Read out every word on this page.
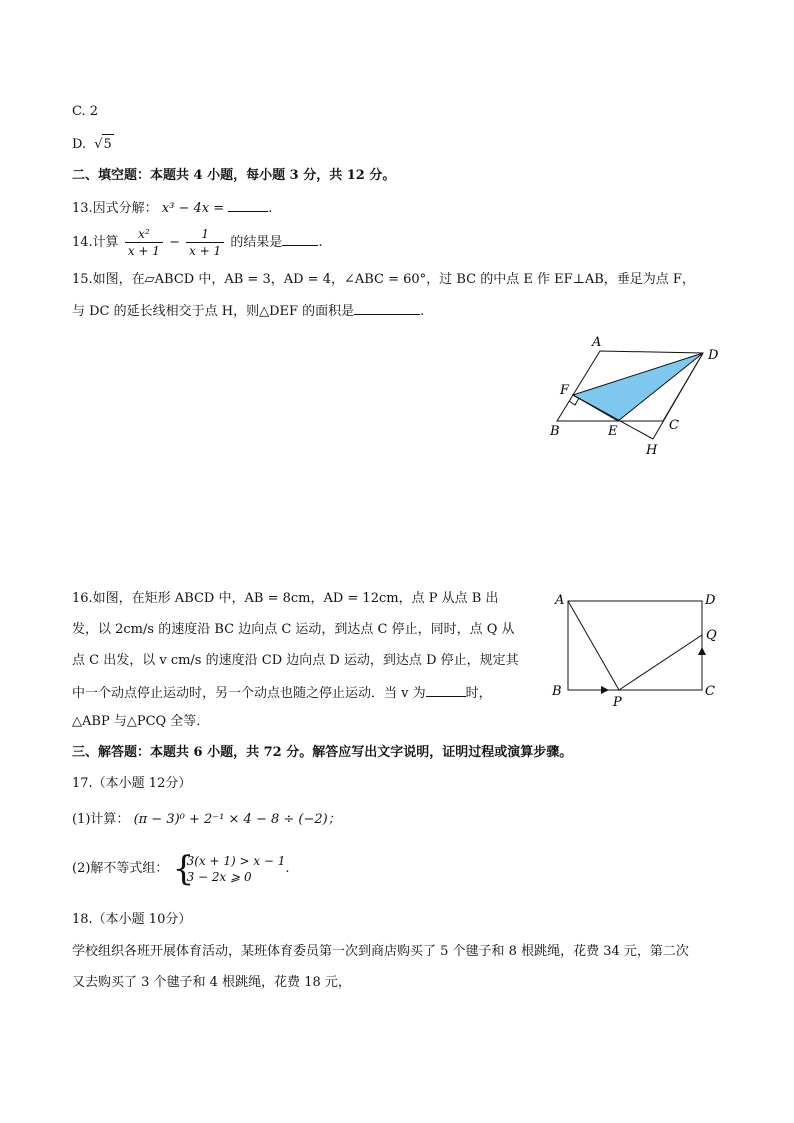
C. 2
D. √5
二、填空题：本题共 4 小题，每小题 3 分，共 12 分。
13.因式分解： x³ − 4x =	.
14.计算 $\frac{\text{x²}}{x + 1} - \frac{1}{x + 1}$ 的结果是	.
15.如图，在▱ABCD 中，AB = 3，AD = 4，∠ABC = 60°，过 BC 的中点 E 作 EF⊥AB，垂足为点 F，
与 DC 的延长线相交于点 H，则△DEF 的面积是	.
A
D
F
B	E	C
H
16.如图，在矩形 ABCD 中，AB = 8cm，AD = 12cm，点 P 从点 B 出
发，以 2cm/s 的速度沿 BC 边向点 C 运动，到达点 C 停止，同时，点 Q 从
点 C 出发，以 v cm/s 的速度沿 CD 边向点 D 运动，到达点 D 停止，规定其
中一个动点停止运动时，另一个动点也随之停止运动．当 v 为	时，
△ABP 与△PCQ 全等．
A	D
Q
B	C
P
三、解答题：本题共 6 小题，共 72 分。解答应写出文字说明，证明过程或演算步骤。
17.（本小题 12分）
(1)计算： (π − 3)⁰ + 2⁻¹ × 4 − 8 ÷ (−2)；
(2)解不等式组： {
3(x + 1) > x − 1
3 − 2x ⩾ 0
.
18.（本小题 10分）
学校组织各班开展体育活动，某班体育委员第一次到商店购买了 5 个毽子和 8 根跳绳，花费 34 元，第二次
又去购买了 3 个毽子和 4 根跳绳，花费 18 元，
